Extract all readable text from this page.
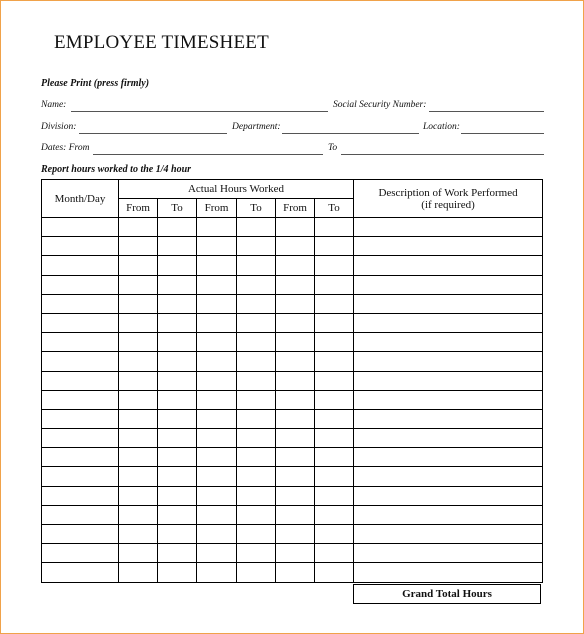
EMPLOYEE TIMESHEET
Please Print (press firmly)
Name:	Social Security Number:
Division:	Department:	Location:
Dates: From	To
Report hours worked to the 1/4 hour
Month/Day	Actual Hours Worked						Description of Work Performed
(if required)

	From	To	From	To	From	To	

Grand Total Hours
